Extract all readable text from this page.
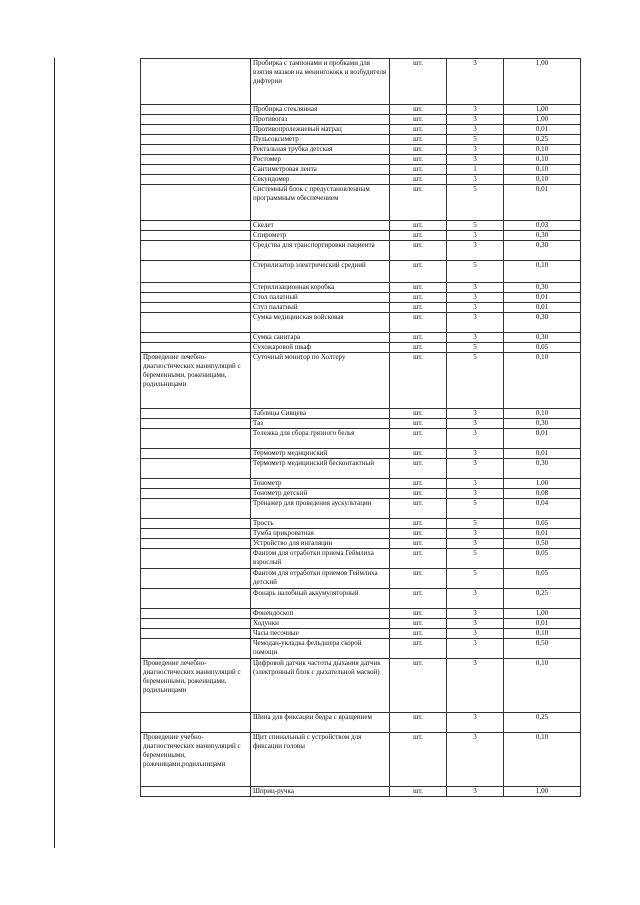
	Пробирка с тампонами и пробками для взятия мазков на менингококк и возбудителя дифтерии	шт.	3	1,00
	Пробирка стеклянная	шт.	3	1,00
	Противогаз	шт.	3	1,00
	Противопролежневый матрац	шт.	3	0,01
	Пульсоксиметр	шт.	5	0,25
	Ректальная трубка детская	шт.	3	0,10
	Ростомер	шт.	3	0,10
	Сантиметровая лента	шт.	1	0,10
	Секундомер	шт.	3	0,10
	Системный блок с предустановленным программным обеспечением	шт.	5	0,01
	Скелет	шт.	5	0,03
	Спирометр	шт.	3	0,30
	Средства для транспортировки пациента	шт.	3	0,30
	Стерилизатор электрический средний	шт.	5	0,10
	Стерилизационная коробка	шт.	3	0,30
	Стол палатный	шт.	3	0,01
	Стул палатный	шт.	3	0,01
	Сумка медицинская войсковая	шт.	3	0,30
	Сумка санитара	шт.	3	0,30
	Сухожаровой шкаф	шт.	5	0,05
Проведение лечебно-диагностических манипуляций с беременными, роженицами, родильницами	Суточный монитор по Холтеру	шт.	5	0,10
	Таблицы Сивцева	шт.	3	0,10
	Таз	шт.	3	0,30
	Тележка для сбора грязного белья	шт.	3	0,01
	Термометр медицинский	шт.	3	0,01
	Термометр медицинский бесконтактный	шт.	3	0,30
	Тонометр	шт.	3	1,00
	Тонометр детский	шт.	3	0,08
	Тренажер для проведения аускультации	шт.	5	0,04
	Трость	шт.	5	0,05
	Тумба прикроватная	шт.	3	0,01
	Устройство для ингаляции	шт.	3	0,50
	Фантом для отработки приема Геймлиха взрослый	шт.	5	0,05
	Фантом для отработки приемов Геймлиха детский	шт.	5	0,05
	Фонарь налобный аккумуляторный	шт.	3	0,25
	Фонендоскоп	шт.	3	1,00
	Ходунки	шт.	3	0,01
	Часы песочные	шт.	3	0,10
	Чемодан-укладка фельдшера скорой помощи	шт.	3	0,50
Проведение лечебно-диагностических манипуляций с беременными, роженицами, родильницами	Цифровой датчик частоты дыхания датчик (электронный блок с дыхательной маской)	шт.	3	0,10
	Шина для фиксации бедра с вращением	шт.	3	0,25
Проведение учебно-диагностических манипуляций с беременными, роженицами,родильницами	Щит спинальный с устройством для фиксации головы	шт.	3	0,10
	Шприц-ручка	шт.	3	1,00
